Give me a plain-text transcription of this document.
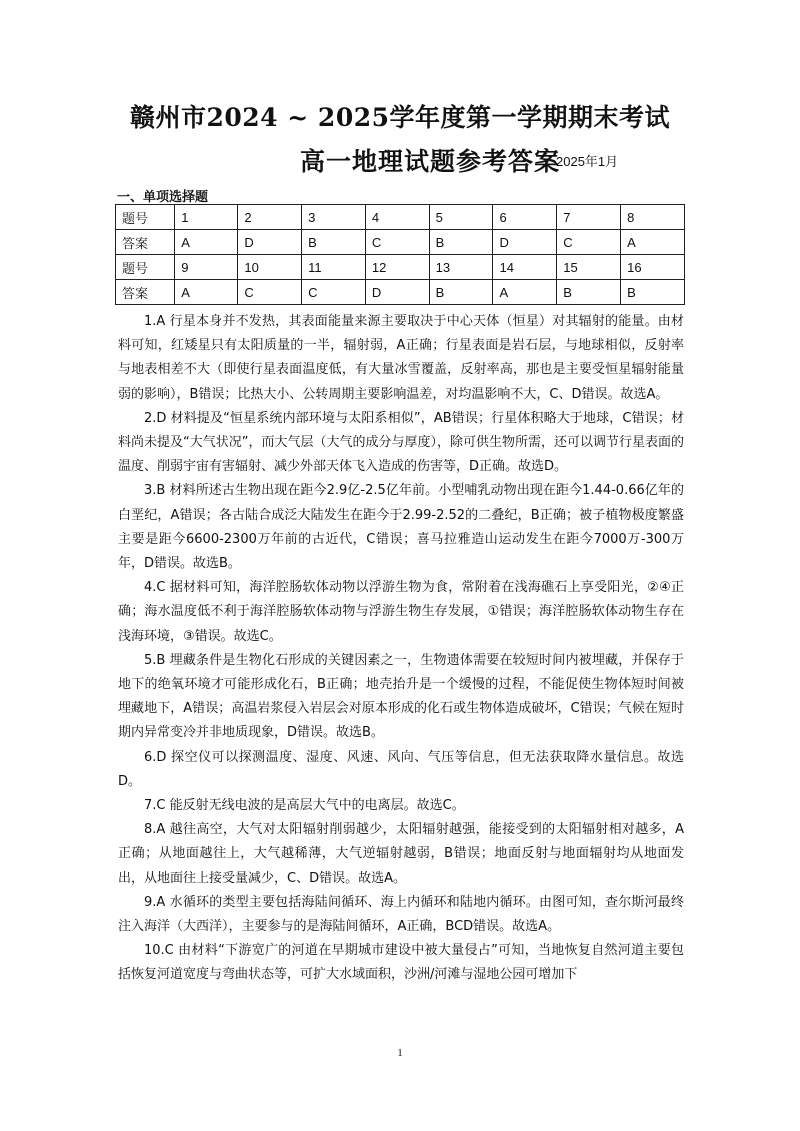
赣州市2024 ~ 2025学年度第一学期期末考试
高一地理试题参考答案
2025年1月
一、单项选择题
题号	1	2	3	4	5	6	7	8
答案	A	D	B	C	B	D	C	A
题号	9	10	11	12	13	14	15	16
答案	A	C	C	D	B	A	B	B

1.A 行星本身并不发热，其表面能量来源主要取决于中心天体（恒星）对其辐射的能量。由材料可知，红矮星只有太阳质量的一半，辐射弱，A正确；行星表面是岩石层，与地球相似，反射率与地表相差不大（即使行星表面温度低，有大量冰雪覆盖，反射率高，那也是主要受恒星辐射能量弱的影响），B错误；比热大小、公转周期主要影响温差，对均温影响不大，C、D错误。故选A。

2.D 材料提及“恒星系统内部环境与太阳系相似”，AB错误；行星体积略大于地球，C错误；材料尚未提及“大气状况”，而大气层（大气的成分与厚度），除可供生物所需，还可以调节行星表面的温度、削弱宇宙有害辐射、减少外部天体飞入造成的伤害等，D正确。故选D。

3.B 材料所述古生物出现在距今2.9亿-2.5亿年前。小型哺乳动物出现在距今1.44-0.66亿年的白垩纪，A错误；各古陆合成泛大陆发生在距今于2.99-2.52的二叠纪，B正确；被子植物极度繁盛主要是距今6600-2300万年前的古近代，C错误；喜马拉雅造山运动发生在距今7000万-300万年，D错误。故选B。

4.C 据材料可知，海洋腔肠软体动物以浮游生物为食，常附着在浅海礁石上享受阳光，②④正确；海水温度低不利于海洋腔肠软体动物与浮游生物生存发展，①错误；海洋腔肠软体动物生存在浅海环境，③错误。故选C。

5.B 埋藏条件是生物化石形成的关键因素之一，生物遗体需要在较短时间内被埋藏，并保存于地下的绝氧环境才可能形成化石，B正确；地壳抬升是一个缓慢的过程，不能促使生物体短时间被埋藏地下，A错误；高温岩浆侵入岩层会对原本形成的化石或生物体造成破坏，C错误；气候在短时期内异常变冷并非地质现象，D错误。故选B。

6.D 探空仪可以探测温度、湿度、风速、风向、气压等信息，但无法获取降水量信息。故选D。

7.C 能反射无线电波的是高层大气中的电离层。故选C。

8.A 越往高空，大气对太阳辐射削弱越少，太阳辐射越强，能接受到的太阳辐射相对越多，A正确；从地面越往上，大气越稀薄，大气逆辐射越弱，B错误；地面反射与地面辐射均从地面发出，从地面往上接受量减少，C、D错误。故选A。

9.A 水循环的类型主要包括海陆间循环、海上内循环和陆地内循环。由图可知，查尔斯河最终注入海洋（大西洋），主要参与的是海陆间循环，A正确，BCD错误。故选A。

10.C 由材料“下游宽广的河道在早期城市建设中被大量侵占”可知，当地恢复自然河道主要包括恢复河道宽度与弯曲状态等，可扩大水域面积，沙洲/河滩与湿地公园可增加下

1
